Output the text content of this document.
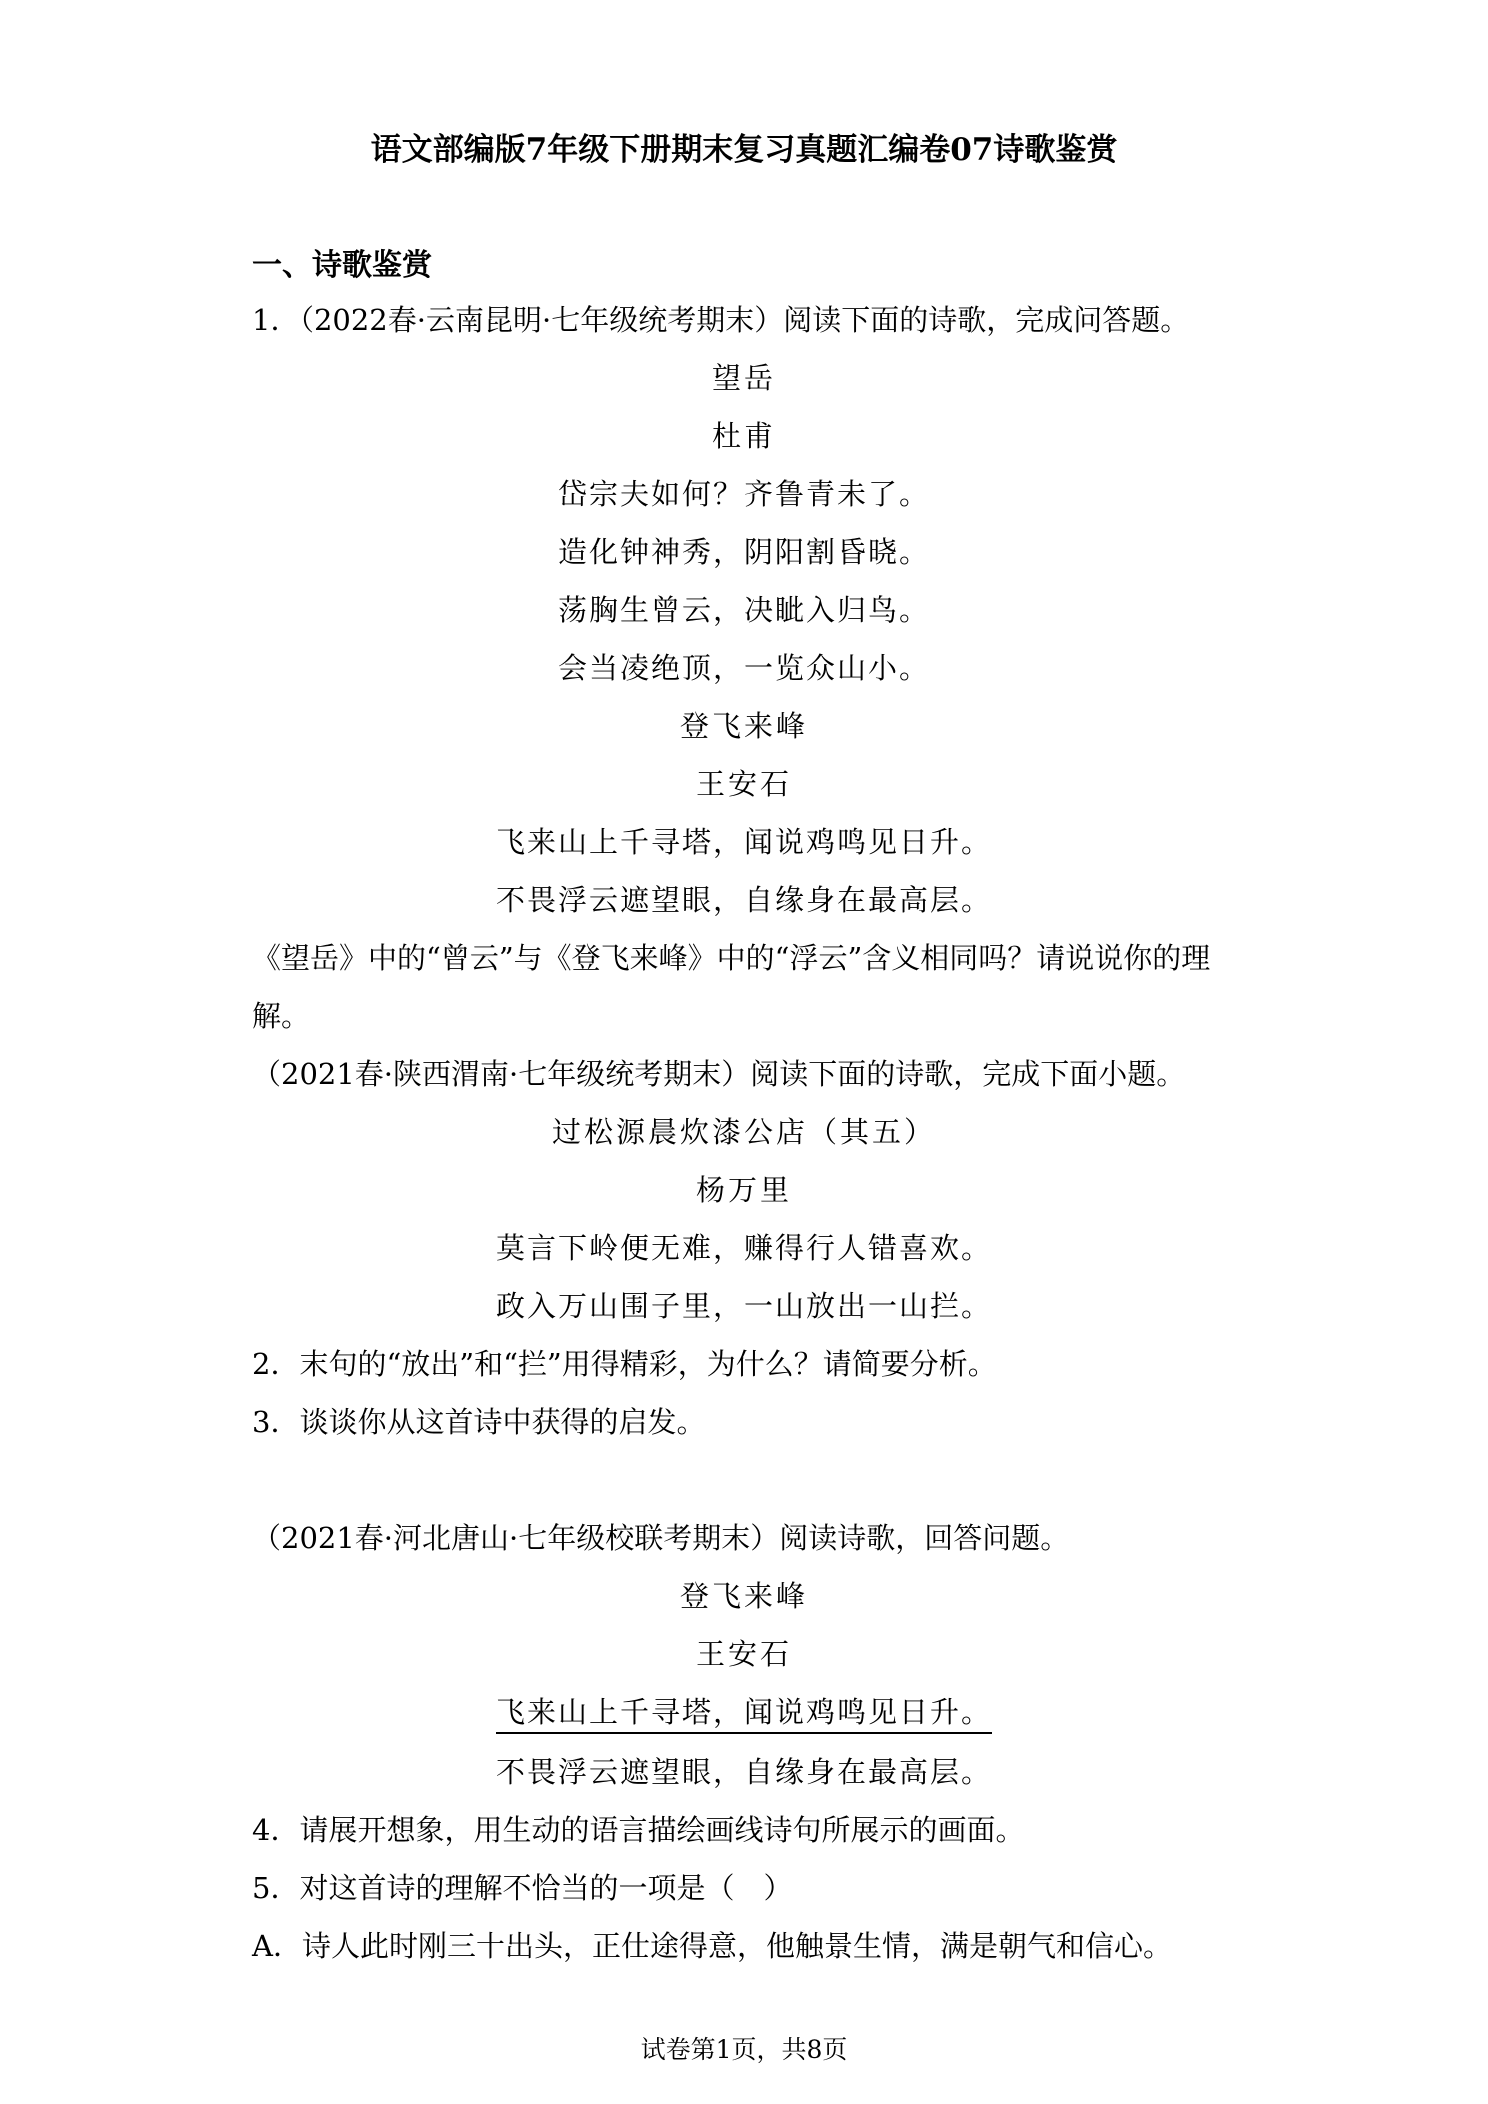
语文部编版7年级下册期末复习真题汇编卷07诗歌鉴赏
一、诗歌鉴赏
1．（2022春·云南昆明·七年级统考期末）阅读下面的诗歌，完成问答题。
望岳
杜甫
岱宗夫如何？齐鲁青未了。
造化钟神秀，阴阳割昏晓。
荡胸生曾云，决眦入归鸟。
会当凌绝顶，一览众山小。
登飞来峰
王安石
飞来山上千寻塔，闻说鸡鸣见日升。
不畏浮云遮望眼，自缘身在最高层。
《望岳》中的“曾云”与《登飞来峰》中的“浮云”含义相同吗？请说说你的理
解。
（2021春·陕西渭南·七年级统考期末）阅读下面的诗歌，完成下面小题。
过松源晨炊漆公店（其五）
杨万里
莫言下岭便无难，赚得行人错喜欢。
政入万山围子里，一山放出一山拦。
2．末句的“放出”和“拦”用得精彩，为什么？请简要分析。
3．谈谈你从这首诗中获得的启发。
（2021春·河北唐山·七年级校联考期末）阅读诗歌，回答问题。
登飞来峰
王安石
飞来山上千寻塔，闻说鸡鸣见日升。
不畏浮云遮望眼，自缘身在最高层。
4．请展开想象，用生动的语言描绘画线诗句所展示的画面。
5．对这首诗的理解不恰当的一项是（　）
A．诗人此时刚三十出头，正仕途得意，他触景生情，满是朝气和信心。
试卷第1页，共8页
